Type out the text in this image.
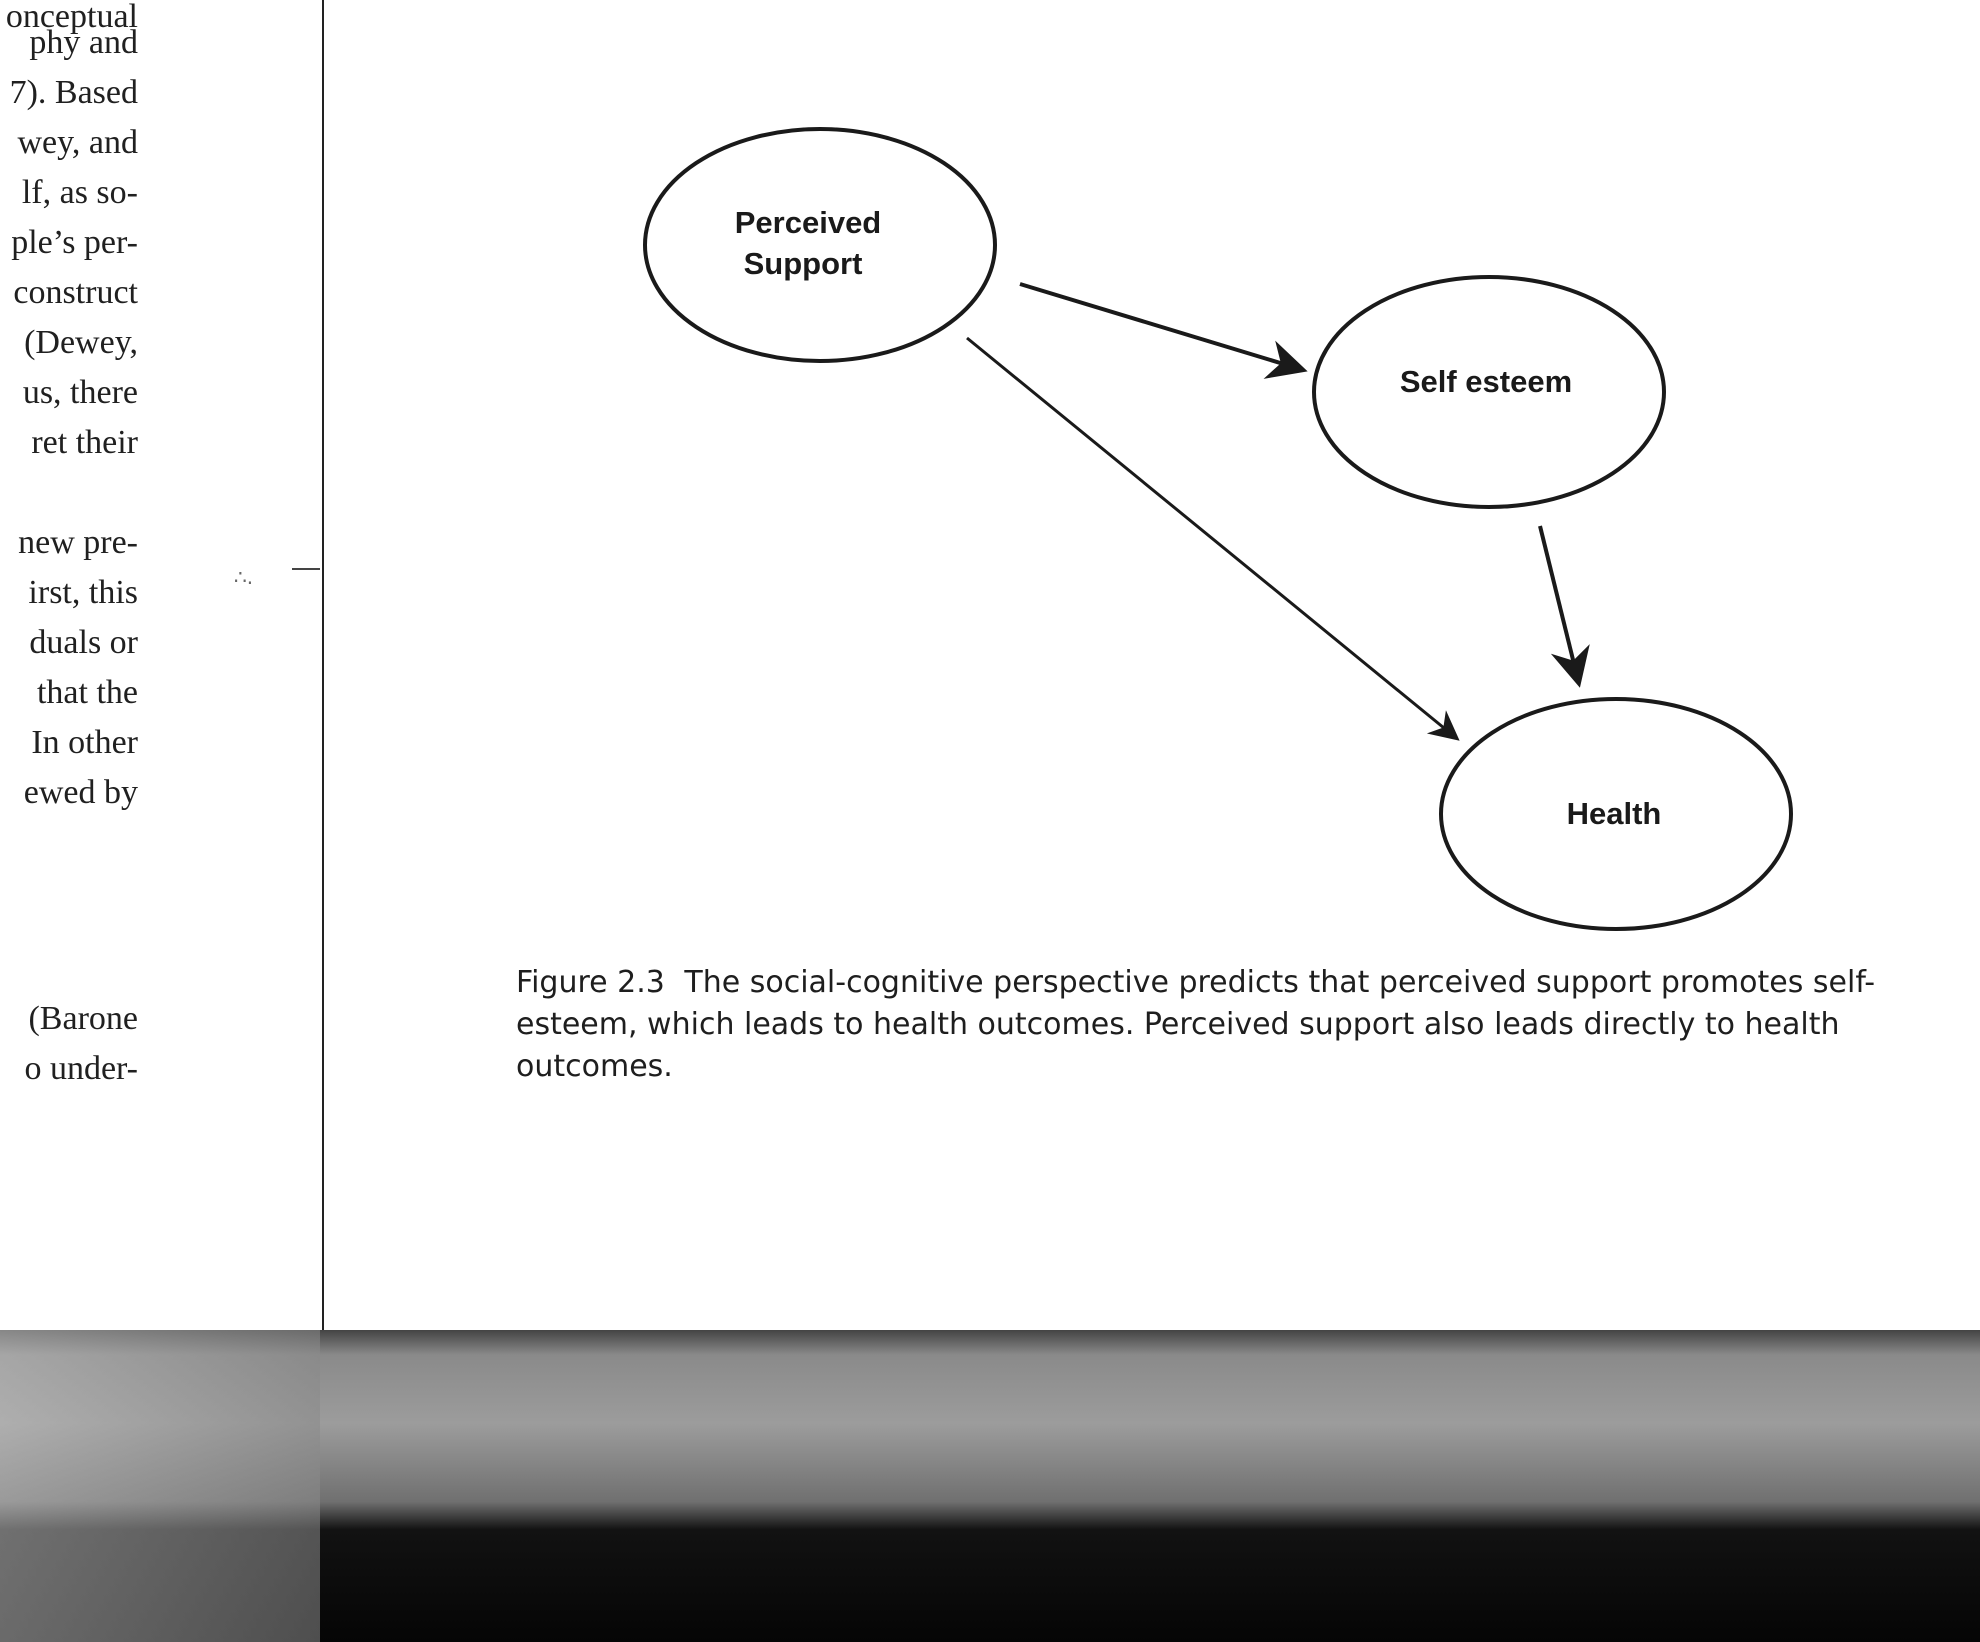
onceptual
phy and
7). Based
wey, and
lf, as so-
ple’s per-
construct
(Dewey,
us, there
ret their
new pre-
irst, this
duals or
that the
In other
ewed by
(Barone
o under-
∴.
Perceived
Support
Self esteem
Health
Figure 2.3 The social-cognitive perspective predicts that perceived support promotes self-esteem, which leads to health outcomes. Perceived support also leads directly to health outcomes.
